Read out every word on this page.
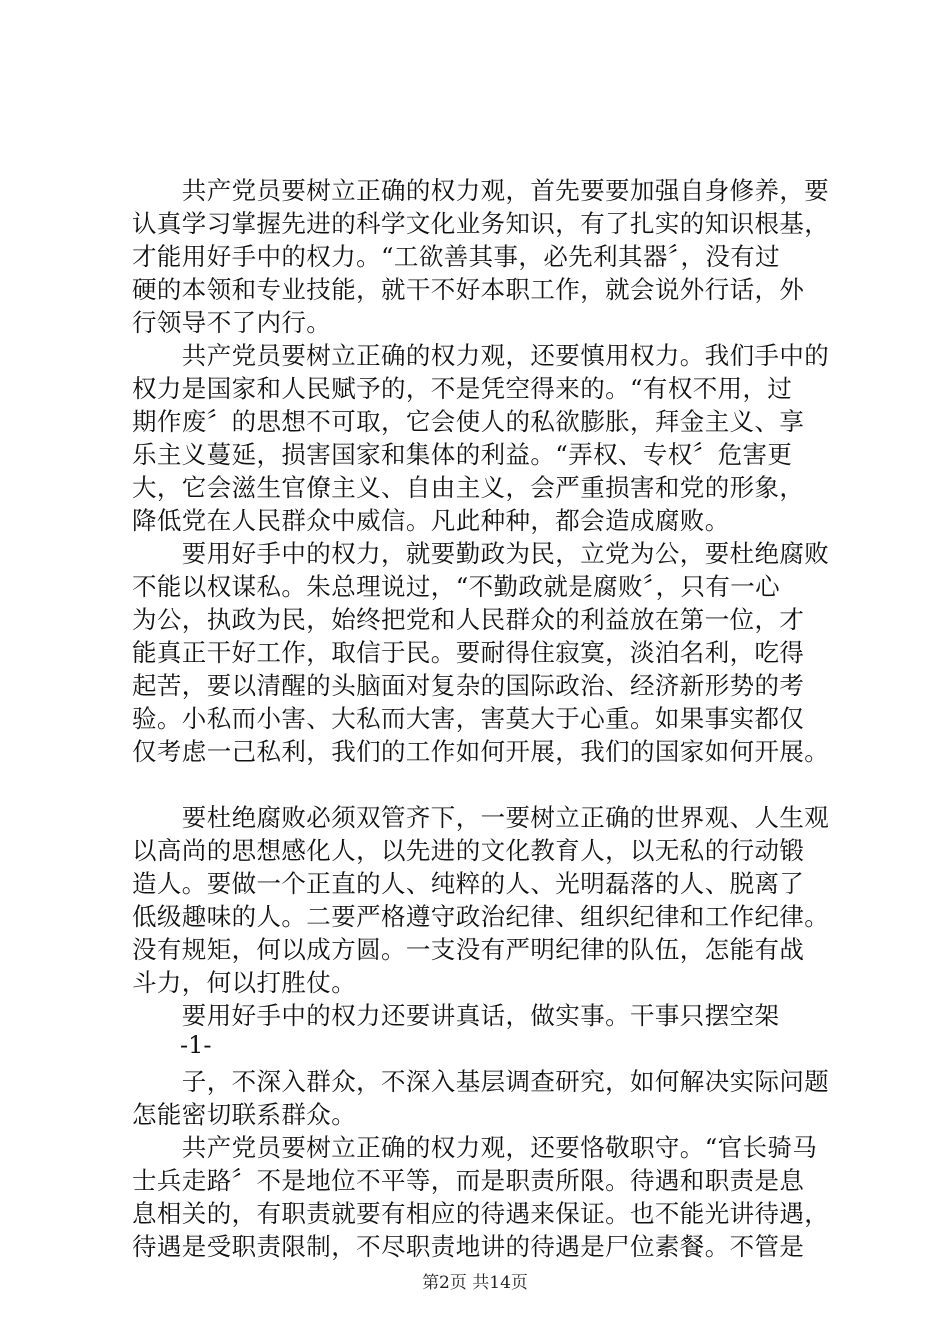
　　共产党员要树立正确的权力观，首先要要加强自身修养，要
认真学习掌握先进的科学文化业务知识，有了扎实的知识根基，
才能用好手中的权力。“工欲善其事，必先利其器〞，没有过
硬的本领和专业技能，就干不好本职工作，就会说外行话，外
行领导不了内行。
　　共产党员要树立正确的权力观，还要慎用权力。我们手中的
权力是国家和人民赋予的，不是凭空得来的。“有权不用，过
期作废〞的思想不可取，它会使人的私欲膨胀，拜金主义、享
乐主义蔓延，损害国家和集体的利益。“弄权、专权〞危害更
大，它会滋生官僚主义、自由主义，会严重损害和党的形象，
降低党在人民群众中威信。凡此种种，都会造成腐败。
　　要用好手中的权力，就要勤政为民，立党为公，要杜绝腐败
不能以权谋私。朱总理说过，“不勤政就是腐败〞，只有一心
为公，执政为民，始终把党和人民群众的利益放在第一位，才
能真正干好工作，取信于民。要耐得住寂寞，淡泊名利，吃得
起苦，要以清醒的头脑面对复杂的国际政治、经济新形势的考
验。小私而小害、大私而大害，害莫大于心重。如果事实都仅
仅考虑一己私利，我们的工作如何开展，我们的国家如何开展。
　　要杜绝腐败必须双管齐下，一要树立正确的世界观、人生观
以高尚的思想感化人，以先进的文化教育人，以无私的行动锻
造人。要做一个正直的人、纯粹的人、光明磊落的人、脱离了
低级趣味的人。二要严格遵守政治纪律、组织纪律和工作纪律。
没有规矩，何以成方圆。一支没有严明纪律的队伍，怎能有战
斗力，何以打胜仗。
　　要用好手中的权力还要讲真话，做实事。干事只摆空架
-1-
　　子，不深入群众，不深入基层调查研究，如何解决实际问题
怎能密切联系群众。
　　共产党员要树立正确的权力观，还要恪敬职守。“官长骑马
士兵走路〞不是地位不平等，而是职责所限。待遇和职责是息
息相关的，有职责就要有相应的待遇来保证。也不能光讲待遇，
待遇是受职责限制，不尽职责地讲的待遇是尸位素餐。不管是
第2页 共14页
